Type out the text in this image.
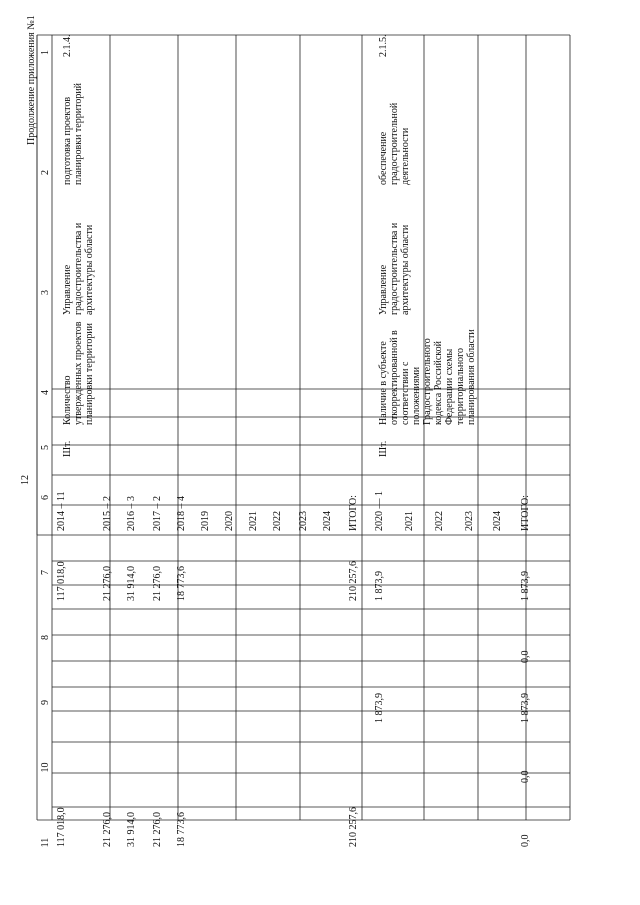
12
Продолжение приложения №1 1
2
3
4
5
6
7
8
9
10
11
2.1.4.
подготовка проектов планировки территорий
Управление градостроительства и архитектуры области
Количество утвержденных проектов планировки территории
Шт.
2014 – 11
117 018,0
117 018,0
2015 – 2
21 276,0
21 276,0
2016 – 3
31 914,0
31 914,0
2017 – 2
21 276,0
21 276,0
2018 – 4
18 773,6
18 773,6
2019 2020 2021 2022 2023 2024 ИТОГО:
210 257,6
210 257,6
2.1.5.
обеспечение градостроительной деятельности
Управление градостроительства и архитектуры области
Наличие в субъекте откорректированной в соответствии с положениями Градостроительного кодекса Российской Федерации схемы территориального планирования области
Шт.
2020 — 1
1 873,9
1 873,9
2021 2022 2023 2024 ИТОГО:
1 873,9
0,0
1 873,9
0,0
0,0
